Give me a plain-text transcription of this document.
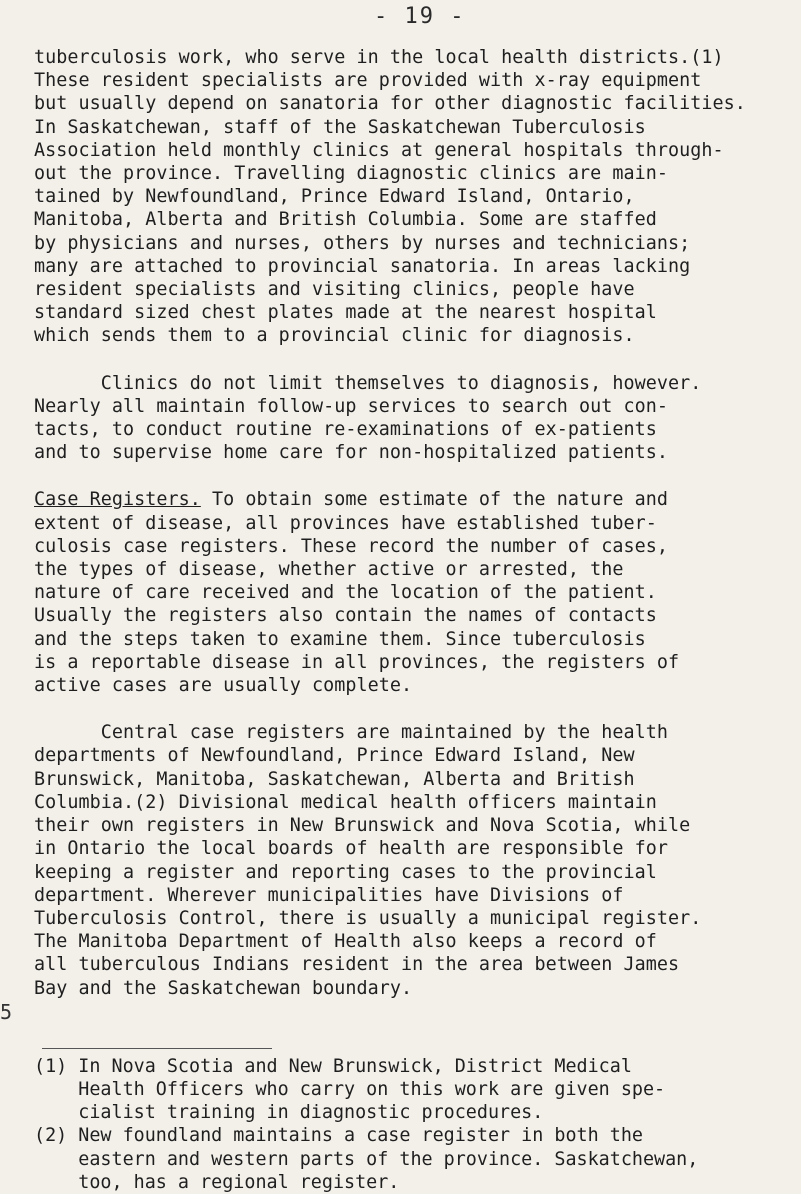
- 19 -
tuberculosis work, who serve in the local health districts.(1)
These resident specialists are provided with x-ray equipment
but usually depend on sanatoria for other diagnostic facilities.
In Saskatchewan, staff of the Saskatchewan Tuberculosis
Association held monthly clinics at general hospitals through-
out the province. Travelling diagnostic clinics are main-
tained by Newfoundland, Prince Edward Island, Ontario,
Manitoba, Alberta and British Columbia. Some are staffed
by physicians and nurses, others by nurses and technicians;
many are attached to provincial sanatoria. In areas lacking
resident specialists and visiting clinics, people have
standard sized chest plates made at the nearest hospital
which sends them to a provincial clinic for diagnosis.
Clinics do not limit themselves to diagnosis, however.
Nearly all maintain follow-up services to search out con-
tacts, to conduct routine re-examinations of ex-patients
and to supervise home care for non-hospitalized patients.
Case Registers. To obtain some estimate of the nature and
extent of disease, all provinces have established tuber-
culosis case registers. These record the number of cases,
the types of disease, whether active or arrested, the
nature of care received and the location of the patient.
Usually the registers also contain the names of contacts
and the steps taken to examine them. Since tuberculosis
is a reportable disease in all provinces, the registers of
active cases are usually complete.
Central case registers are maintained by the health
departments of Newfoundland, Prince Edward Island, New
Brunswick, Manitoba, Saskatchewan, Alberta and British
Columbia.(2) Divisional medical health officers maintain
their own registers in New Brunswick and Nova Scotia, while
in Ontario the local boards of health are responsible for
keeping a register and reporting cases to the provincial
department. Wherever municipalities have Divisions of
Tuberculosis Control, there is usually a municipal register.
The Manitoba Department of Health also keeps a record of
all tuberculous Indians resident in the area between James
Bay and the Saskatchewan boundary.
(1) In Nova Scotia and New Brunswick, District Medical
Health Officers who carry on this work are given spe-
cialist training in diagnostic procedures.
(2) New foundland maintains a case register in both the
eastern and western parts of the province. Saskatchewan,
too, has a regional register.
5
